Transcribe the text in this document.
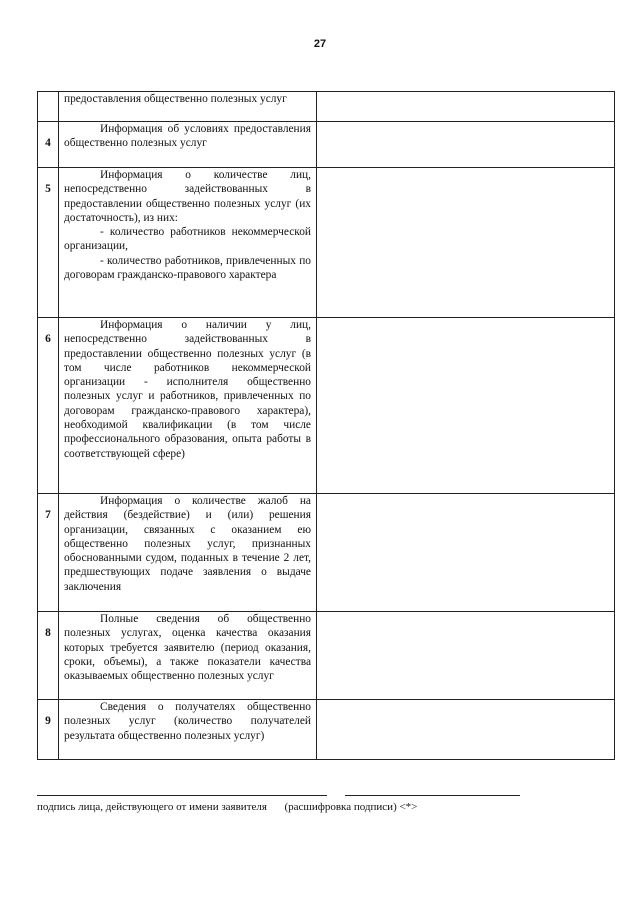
27

	предоставления общественно полезных услуг	

4	Информация об условиях предоставления общественно полезных услуг	

5	Информация о количестве лиц, непосредственно задействованных в предоставлении общественно полезных услуг (их достаточность), из них:

- количество работников некоммерческой организации,

- количество работников, привлеченных по договорам гражданско-правового характера	

6	Информация о наличии у лиц, непосредственно задействованных в предоставлении общественно полезных услуг (в том числе работников некоммерческой организации - исполнителя общественно полезных услуг и работников, привлеченных по договорам гражданско-правового характера), необходимой квалификации (в том числе профессионального образования, опыта работы в соответствующей сфере)	

7	Информация о количестве жалоб на действия (бездействие) и (или) решения организации, связанных с оказанием ею общественно полезных услуг, признанных обоснованными судом, поданных в течение 2 лет, предшествующих подаче заявления о выдаче заключения	

8	Полные сведения об общественно полезных услугах, оценка качества оказания которых требуется заявителю (период оказания, сроки, объемы), а также показатели качества оказываемых общественно полезных услуг	

9	Сведения о получателях общественно полезных услуг (количество получателей результата общественно полезных услуг)	

подпись лица, действующего от имени заявителя (расшифровка подписи) <*>
